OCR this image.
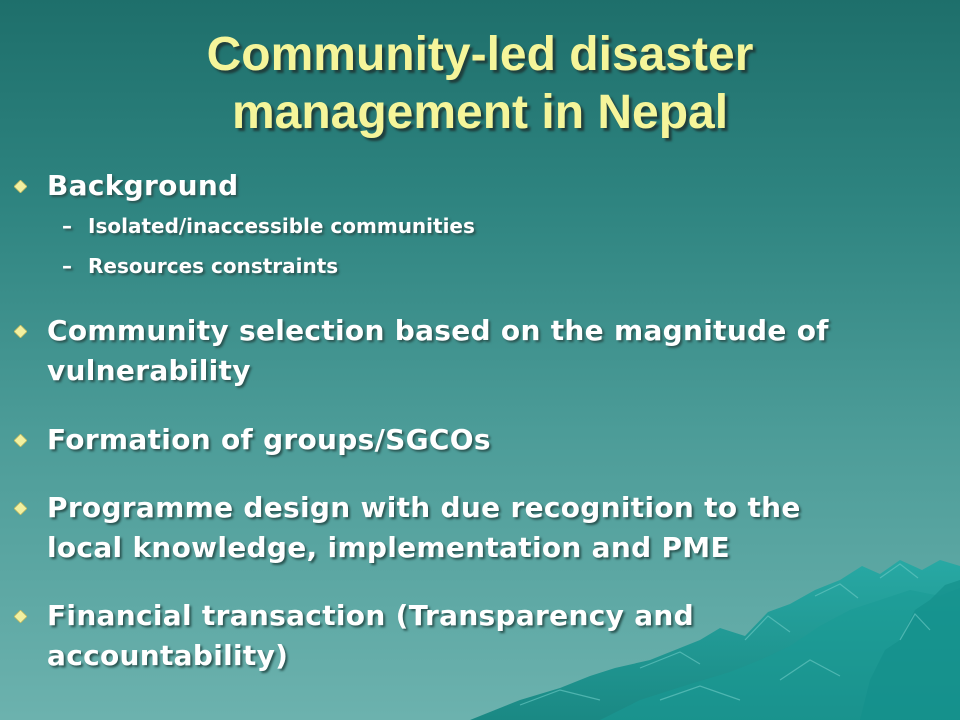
Community-led disaster
management in Nepal

Background

– Isolated/inaccessible communities

– Resources constraints

Community selection based on the magnitude of
vulnerability

Formation of groups/SGCOs

Programme design with due recognition to the
local knowledge, implementation and PME

Financial transaction (Transparency and
accountability)
